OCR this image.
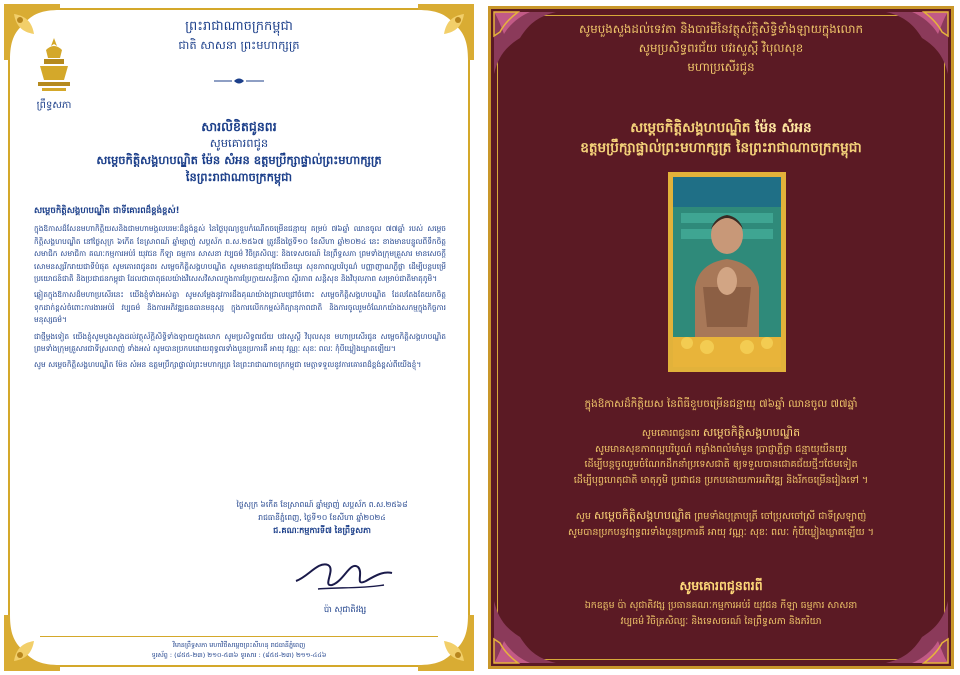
ព្រះរាជាណាចក្រកម្ពុជា
ជាតិ សាសនា ព្រះមហាក្សត្រ
ព្រឹទ្ធសភា
សារលិខិតជូនពរ
សូមគោរពជូន
សម្តេចកិត្តិសង្គហបណ្ឌិត ម៉ែន សំអន ឧត្តមប្រឹក្សាផ្ទាល់ព្រះមហាក្សត្រ
នៃព្រះរាជាណាចក្រកម្ពុជា

សម្តេចកិត្តិសង្គហបណ្ឌិត ជាទីគោរពដ៏ខ្ពង់ខ្ពស់!

ក្នុងឱកាសដ៏សែនមហាកិត្តិយសនិងជាមហាមង្គលបរមៈដ៏ខ្ពង់ខ្ពស់ នៃថ្ងៃបុណ្យខួបកំណើតចម្រើនជន្មាយុ គម្រប់ ៧៦ឆ្នាំ ឈានចូល ៧៧ឆ្នាំ របស់ សម្តេចកិត្តិសង្គហបណ្ឌិត នៅថ្ងៃសុក្រ ៦កើត ខែស្រាពណ៍ ឆ្នាំម្សាញ់ សប្តស័ក ព.ស.២៥៦៧ ត្រូវនឹងថ្ងៃទី១០ ខែសីហា ឆ្នាំ២០២៤ នេះ ខាងមានបន្ទូលពីទឹកចិត្ត សមាជិក សមាជិកា គណៈកម្មការអប់រំ យុវជន កីឡា ធម្មការ សាសនា វប្បធម៌ វិចិត្រសិល្បៈ និងទេសចរណ៍ នៃព្រឹទ្ធសភា ព្រមទាំងក្រុមគ្រួសារ មានសេចក្តីសោមនស្សរីករាយជាទីបំផុត សូមគោរពជូនពរ សម្តេចកិត្តិសង្គហបណ្ឌិត សូមមានជន្មាយុវែងយឺនយូរ សុខភាពល្អបរិបូណ៌ បញ្ញាញាណភ្លឺថ្លា ដើម្បីបន្តបម្រើប្រយោជន៍ជាតិ និងប្រជាជនកម្ពុជា ដែលជាធាតុផលយ៉ាងវិសេសវិសាលក្នុងការប្រែក្លាយសន្តិភាព ស្ថិរភាព សន្តិសុខ និងវិបុលភាព សម្រាប់ជាតិមាតុភូមិ។

ឆ្លៀតក្នុងឱកាសដ៏មហាប្រសើរនេះ យើងខ្ញុំទាំងអស់គ្នា សូមសម្តែងនូវការដឹងគុណយ៉ាងជ្រាលជ្រៅចំពោះ សម្តេចកិត្តិសង្គហបណ្ឌិត ដែលតែងតែយកចិត្តទុកដាក់ខ្ពស់ចំពោះការងារអប់រំ វប្បធម៌ និងការអភិវឌ្ឍធនធានមនុស្ស ក្នុងការលើកកម្ពស់កិត្យានុភាពជាតិ និងការចូលរួមចំណែកយ៉ាងសកម្មក្នុងកិច្ចការមនុស្សធម៌។

ជាថ្មីម្តងទៀត យើងខ្ញុំសូមបួងសួងដល់វត្ថុស័ក្តិសិទ្ធិទាំងឡាយក្នុងលោក សូមប្រសិទ្ធពរជ័យ បវរសួស្តី វិបុលសុខ មហាប្រសើរជូន សម្តេចកិត្តិសង្គហបណ្ឌិត ព្រមទាំងក្រុមគ្រួសារជាទីស្រលាញ់ ទាំងអស់ សូមបានប្រកបដោយពុទ្ធពរទាំងបួនប្រការគឺ អាយុ វណ្ណៈ សុខៈ ពលៈ កុំបីឃ្លៀងឃ្លាតឡើយ។

សូម សម្តេចកិត្តិសង្គហបណ្ឌិត ម៉ែន សំអន ឧត្តមប្រឹក្សាផ្ទាល់ព្រះមហាក្សត្រ នៃព្រះរាជាណាចក្រកម្ពុជា មេត្តាទទួលនូវការគោរពដ៏ខ្ពង់ខ្ពស់ពីយើងខ្ញុំ។

ថ្ងៃសុក្រ ៦កើត ខែស្រាពណ៍ ឆ្នាំម្សាញ់ សប្តស័ក ព.ស.២៥៦៨
រាជធានីភ្នំពេញ, ថ្ងៃទី១០ ខែសីហា ឆ្នាំ២០២៤
ជ.គណៈកម្មការទី៧ នៃព្រឹទ្ធសភា
ប៉ា សុជាតិវង្ស
វិមានព្រឹទ្ធសភា មហាវិថីសម្តេចព្រះសីហនុ រាជធានីភ្នំពេញ
ទូរស័ព្ទ : (៨៥៥-២៣) ២១០-៥៣៦ ទូរសារ : (៨៥៥-២៣) ២១១-៤៤៦
សូមបួងសួងដល់ទេវតា និងបារមីនៃវត្ថុស័ក្តិសិទ្ធិទាំងឡាយក្នុងលោក
សូមប្រសិទ្ធពរជ័យ បវរសួស្តី វិបុលសុខ
មហាប្រសើរជូន
សម្តេចកិត្តិសង្គហបណ្ឌិត ម៉ែន សំអន
ឧត្តមប្រឹក្សាផ្ទាល់ព្រះមហាក្សត្រ នៃព្រះរាជាណាចក្រកម្ពុជា
ក្នុងឱកាសដ៏កិត្តិយស នៃពិធីខួបចម្រើនជន្មាយុ ៧៦ឆ្នាំ ឈានចូល ៧៧ឆ្នាំ
សូមគោរពជូនពរ សម្តេចកិត្តិសង្គហបណ្ឌិត
សូមមានសុខភាពល្អបរិបូណ៌ កម្លាំងពលំមាំមួន ប្រាជ្ញាភ្លឺថ្លា ជន្មាយុយឺនយូរ
ដើម្បីបន្តចូលរួមចំណែកដឹកនាំប្រទេសជាតិ ឲ្យទទួលបានជោគជ័យថ្មីៗថែមទៀត
ដើម្បីបុព្វហេតុជាតិ មាតុភូមិ ប្រជាជន ប្រកបដោយការអភិវឌ្ឍ និងរីកចម្រើនរៀងទៅ ។
សូម សម្តេចកិត្តិសង្គហបណ្ឌិត ព្រមទាំងបុត្រាបុត្រី ចៅប្រុសចៅស្រី ជាទីស្រឡាញ់
សូមបានប្រកបនូវពុទ្ធពរទាំងបួនប្រការគឺ អាយុ វណ្ណៈ សុខៈ ពលៈ កុំបីឃ្លៀងឃ្លាតឡើយ ។
សូមគោរពជូនពរពី
ឯកឧត្តម ប៉ា សុជាតិវង្ស ប្រធានគណៈកម្មការអប់រំ យុវជន កីឡា ធម្មការ សាសនា
វប្បធម៌ វិចិត្រសិល្បៈ និងទេសចរណ៍ នៃព្រឹទ្ធសភា និងភរិយា
